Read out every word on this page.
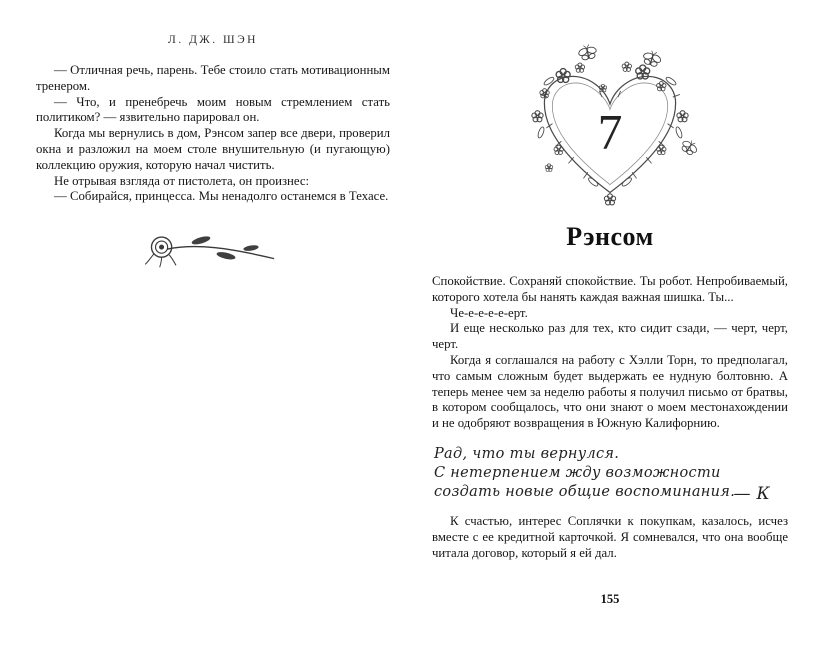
Л. ДЖ. ШЭН

— Отличная речь, парень. Тебе стоило стать мотивационным тренером.

— Что, и пренебречь моим новым стремлением стать политиком? — язвительно парировал он.

Когда мы вернулись в дом, Рэнсом запер все двери, проверил окна и разложил на моем столе внушительную (и пугающую) коллекцию оружия, которую начал чистить.

Не отрывая взгляда от пистолета, он произнес:

— Собирайся, принцесса. Мы ненадолго останемся в Техасе.

7
Рэнсом

Спокойствие. Сохраняй спокойствие. Ты робот. Непробиваемый, которого хотела бы нанять каждая важная шишка. Ты...

Че-е-е-е-е-ерт.

И еще несколько раз для тех, кто сидит сзади, — черт, черт, черт.

Когда я соглашался на работу с Хэлли Торн, то предполагал, что самым сложным будет выдержать ее нудную болтовню. А теперь менее чем за неделю работы я получил письмо от братвы, в котором сообщалось, что они знают о моем местонахождении и не одобряют возвращения в Южную Калифорнию.

Рад, что ты вернулся.
С нетерпением жду возможности создать новые общие воспоминания.
— К

К счастью, интерес Соплячки к покупкам, казалось, исчез вместе с ее кредитной карточкой. Я сомневался, что она вообще читала договор, который я ей дал.

155
